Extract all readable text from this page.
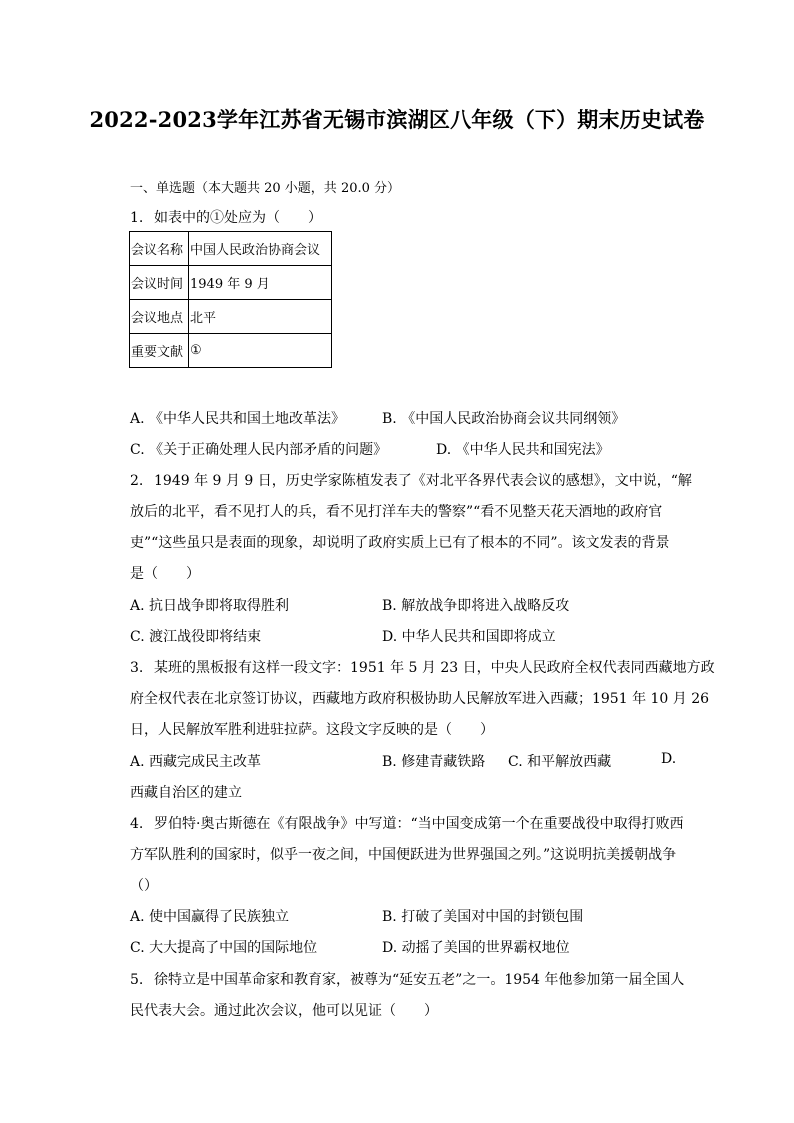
2022-2023学年江苏省无锡市滨湖区八年级（下）期末历史试卷
一、单选题（本大题共 20 小题，共 20.0 分）
1. 如表中的①处应为（　　）
会议名称	中国人民政治协商会议
会议时间	1949 年 9 月
会议地点	北平
重要文献	①
A. 《中华人民共和国土地改革法》	B. 《中国人民政治协商会议共同纲领》
C. 《关于正确处理人民内部矛盾的问题》	D. 《中华人民共和国宪法》
2. 1949 年 9 月 9 日，历史学家陈植发表了《对北平各界代表会议的感想》，文中说，“解
放后的北平，看不见打人的兵，看不见打洋车夫的警察”“看不见整天花天酒地的政府官
吏”“这些虽只是表面的现象，却说明了政府实质上已有了根本的不同”。该文发表的背景
是（　　）
A. 抗日战争即将取得胜利	B. 解放战争即将进入战略反攻
C. 渡江战役即将结束	D. 中华人民共和国即将成立
3. 某班的黑板报有这样一段文字：1951 年 5 月 23 日，中央人民政府全权代表同西藏地方政
府全权代表在北京签订协议，西藏地方政府积极协助人民解放军进入西藏；1951 年 10 月 26
日，人民解放军胜利进驻拉萨。这段文字反映的是（　　）
A. 西藏完成民主改革	B. 修建青藏铁路 C. 和平解放西藏	D.
西藏自治区的建立
4. 罗伯特·奥古斯德在《有限战争》中写道：“当中国变成第一个在重要战役中取得打败西
方军队胜利的国家时，似乎一夜之间，中国便跃进为世界强国之列。”这说明抗美援朝战争
（）
A. 使中国赢得了民族独立	B. 打破了美国对中国的封锁包围
C. 大大提高了中国的国际地位	D. 动摇了美国的世界霸权地位
5. 徐特立是中国革命家和教育家，被尊为“延安五老”之一。1954 年他参加第一届全国人
民代表大会。通过此次会议，他可以见证（　　）
